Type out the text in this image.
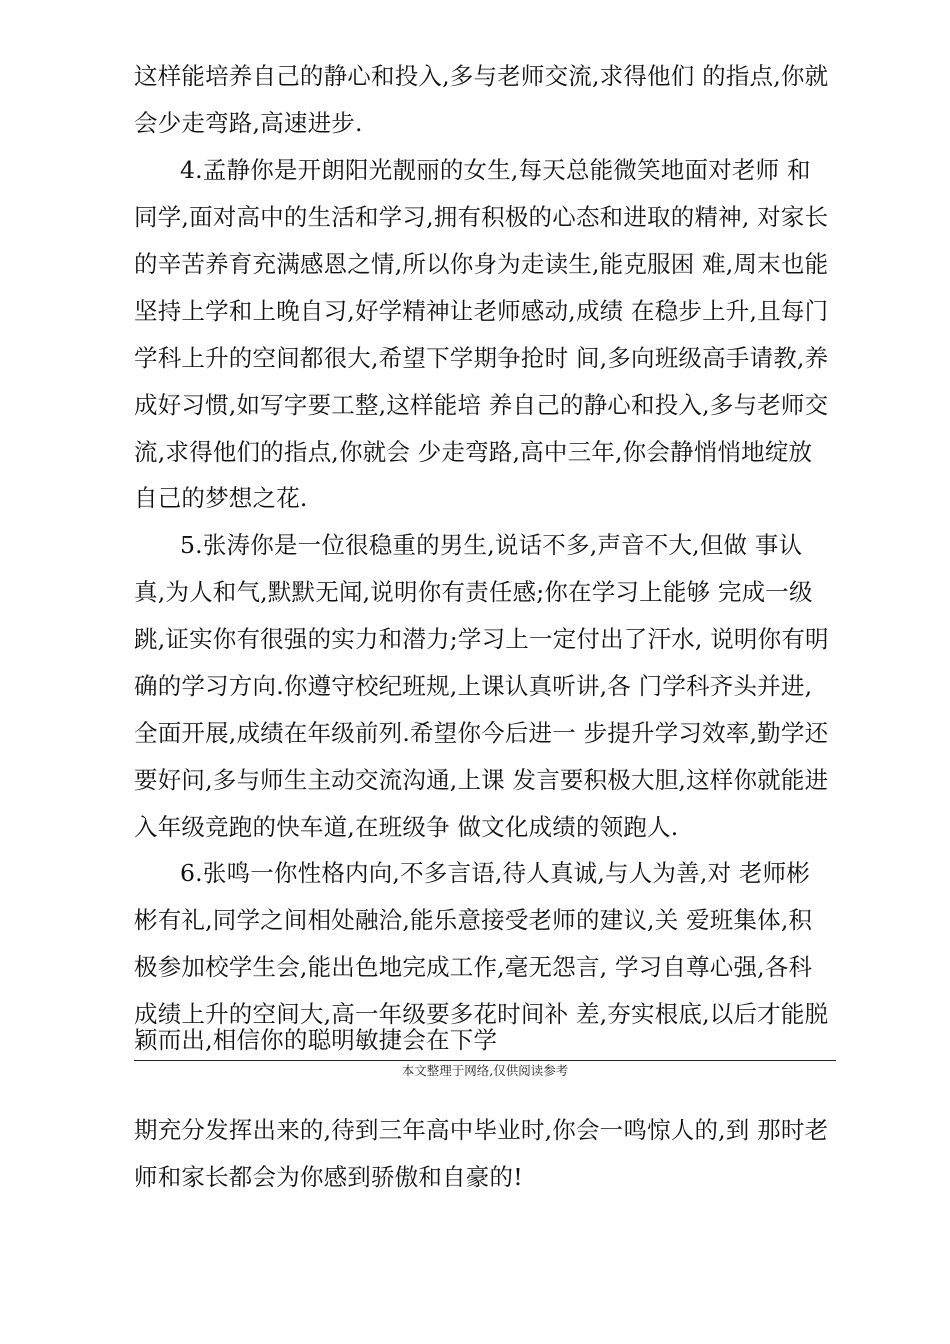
这样能培养自己的静心和投入,多与老师交流,求得他们 的指点,你就
会少走弯路,高速进步.
4.孟静你是开朗阳光靓丽的女生,每天总能微笑地面对老师 和
同学,面对高中的生活和学习,拥有积极的心态和进取的精神, 对家长
的辛苦养育充满感恩之情,所以你身为走读生,能克服困 难,周末也能
坚持上学和上晚自习,好学精神让老师感动,成绩 在稳步上升,且每门
学科上升的空间都很大,希望下学期争抢时 间,多向班级高手请教,养
成好习惯,如写字要工整,这样能培 养自己的静心和投入,多与老师交
流,求得他们的指点,你就会 少走弯路,高中三年,你会静悄悄地绽放
自己的梦想之花.
5.张涛你是一位很稳重的男生,说话不多,声音不大,但做 事认
真,为人和气,默默无闻,说明你有责任感;你在学习上能够 完成一级
跳,证实你有很强的实力和潜力;学习上一定付出了汗水, 说明你有明
确的学习方向.你遵守校纪班规,上课认真听讲,各 门学科齐头并进,
全面开展,成绩在年级前列.希望你今后进一 步提升学习效率,勤学还
要好问,多与师生主动交流沟通,上课 发言要积极大胆,这样你就能进
入年级竞跑的快车道,在班级争 做文化成绩的领跑人.
6.张鸣一你性格内向,不多言语,待人真诚,与人为善,对 老师彬
彬有礼,同学之间相处融洽,能乐意接受老师的建议,关 爱班集体,积
极参加校学生会,能出色地完成工作,毫无怨言, 学习自尊心强,各科
成绩上升的空间大,高一年级要多花时间补 差,夯实根底,以后才能脱
颖而出,相信你的聪明敏捷会在下学
本文整理于网络,仅供阅读参考
期充分发挥出来的,待到三年高中毕业时,你会一鸣惊人的,到 那时老
师和家长都会为你感到骄傲和自豪的!
